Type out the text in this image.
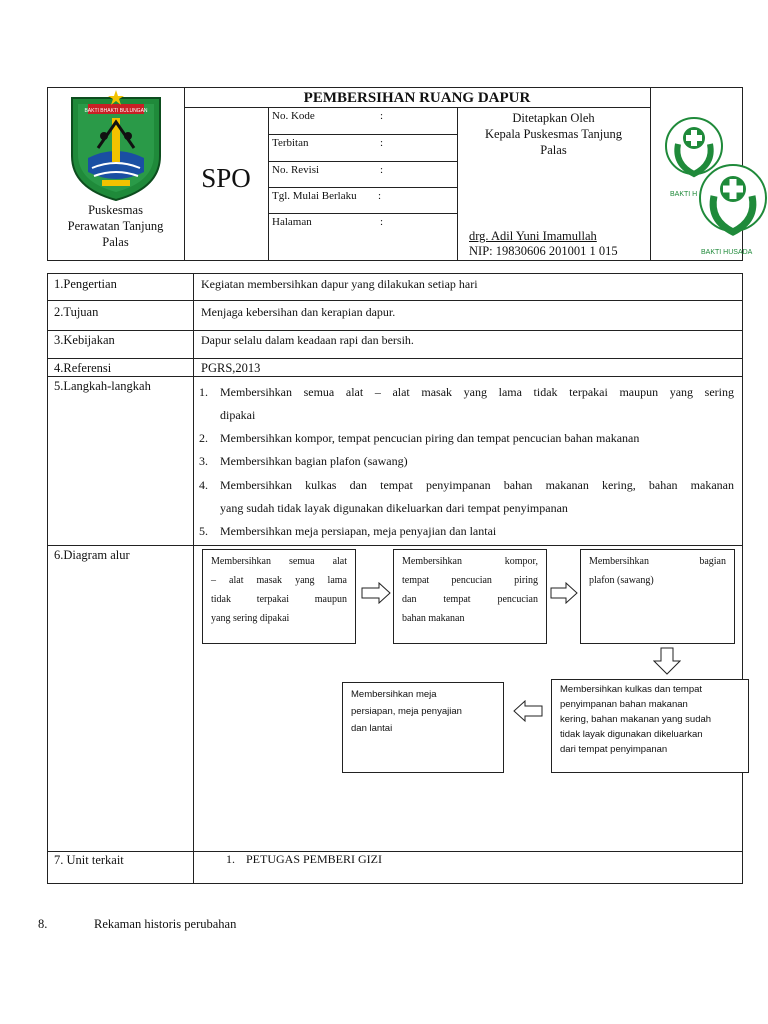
BAKTI BHAKTI BULUNGAN
Puskesmas
Perawatan Tanjung
Palas
PEMBERSIHAN RUANG DAPUR
SPO
No. Kode	:
Terbitan	:
No. Revisi	:
Tgl. Mulai Berlaku :
Halaman	:
Ditetapkan Oleh
Kepala Puskesmas Tanjung
Palas
drg. Adil Yuni Imamullah
NIP: 19830606 201001 1 015
BAKTI H
BAKTI HUSADA
1.Pengertian	Kegiatan membersihkan dapur yang dilakukan setiap hari
2.Tujuan	Menjaga kebersihan dan kerapian dapur.
3.Kebijakan	Dapur selalu dalam keadaan rapi dan bersih.
4.Referensi	PGRS,2013
5.Langkah-langkah	1. Membersihkan semua alat – alat masak yang lama tidak terpakai maupun yang sering
dipakai
2. Membersihkan kompor, tempat pencucian piring dan tempat pencucian bahan makanan
3. Membersihkan bagian plafon (sawang)
4. Membersihkan kulkas dan tempat penyimpanan bahan makanan kering, bahan makanan
yang sudah tidak layak digunakan dikeluarkan dari tempat penyimpanan
5. Membersihkan meja persiapan, meja penyajian dan lantai
6.Diagram alur	Membersihkan semua alat
– alat masak yang lama
tidak terpakai maupun
yang sering dipakai
Membersihkan kompor,
tempat pencucian piring
dan tempat pencucian
bahan makanan
Membersihkan bagian
plafon (sawang)
Membersihkan kulkas dan tempat
penyimpanan bahan makanan
kering, bahan makanan yang sudah
tidak layak digunakan dikeluarkan
dari tempat penyimpanan
Membersihkan meja
persiapan, meja penyajian
dan lantai
7. Unit terkait	1. PETUGAS PEMBERI GIZI
8.	Rekaman historis perubahan
